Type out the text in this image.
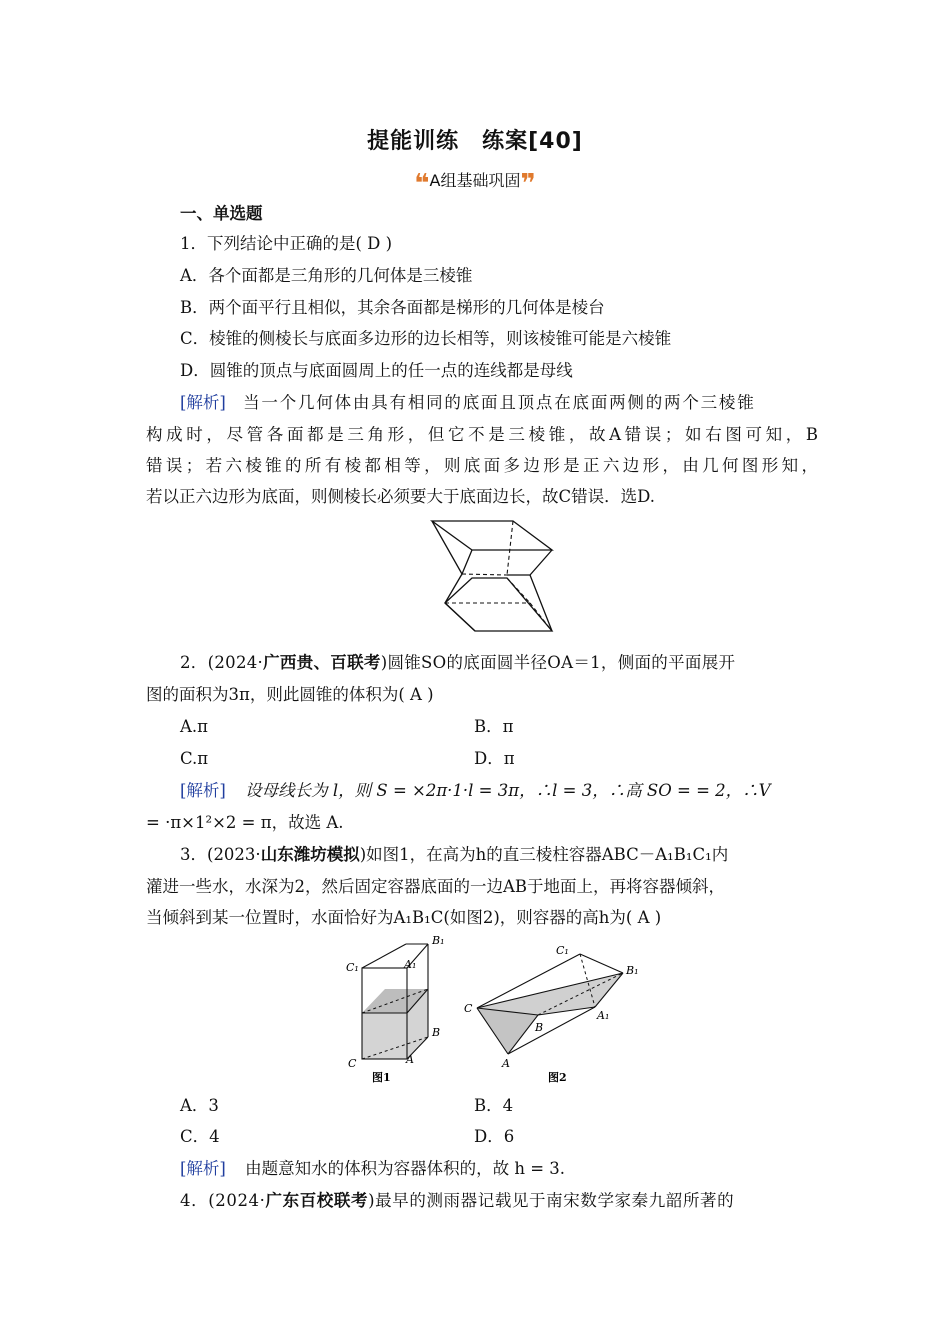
提能训练　练案[40]
❝A组基础巩固❞
一、单选题
1．下列结论中正确的是( D )
A．各个面都是三角形的几何体是三棱锥
B．两个面平行且相似，其余各面都是梯形的几何体是棱台
C．棱锥的侧棱长与底面多边形的边长相等，则该棱锥可能是六棱锥
D．圆锥的顶点与底面圆周上的任一点的连线都是母线
[解析] 当一个几何体由具有相同的底面且顶点在底面两侧的两个三棱锥
构成时，尽管各面都是三角形，但它不是三棱锥，故A错误；如右图可知，B
错误；若六棱锥的所有棱都相等，则底面多边形是正六边形，由几何图形知，
若以正六边形为底面，则侧棱长必须要大于底面边长，故C错误．选D.
2．(2024·广西贵、百联考)圆锥SO的底面圆半径OA＝1，侧面的平面展开
图的面积为3π，则此圆锥的体积为( A )
A.π	B．π
C.π	D．π
[解析] 设母线长为 l，则 S = ×2π·1·l = 3π，∴l = 3，∴高 SO = = 2，∴V
= ·π×1²×2 = π，故选 A.
3．(2023·山东潍坊模拟)如图1，在高为h的直三棱柱容器ABC－A₁B₁C₁内
灌进一些水，水深为2，然后固定容器底面的一边AB于地面上，再将容器倾斜，
当倾斜到某一位置时，水面恰好为A₁B₁C(如图2)，则容器的高h为( A )
C₁	A₁
B₁
B
C	A
图1
C₁
B₁
C
B
A₁
A
图2
A．3	B．4
C．4	D．6
[解析] 由题意知水的体积为容器体积的，故 h = 3.
4．(2024·广东百校联考)最早的测雨器记载见于南宋数学家秦九韶所著的
